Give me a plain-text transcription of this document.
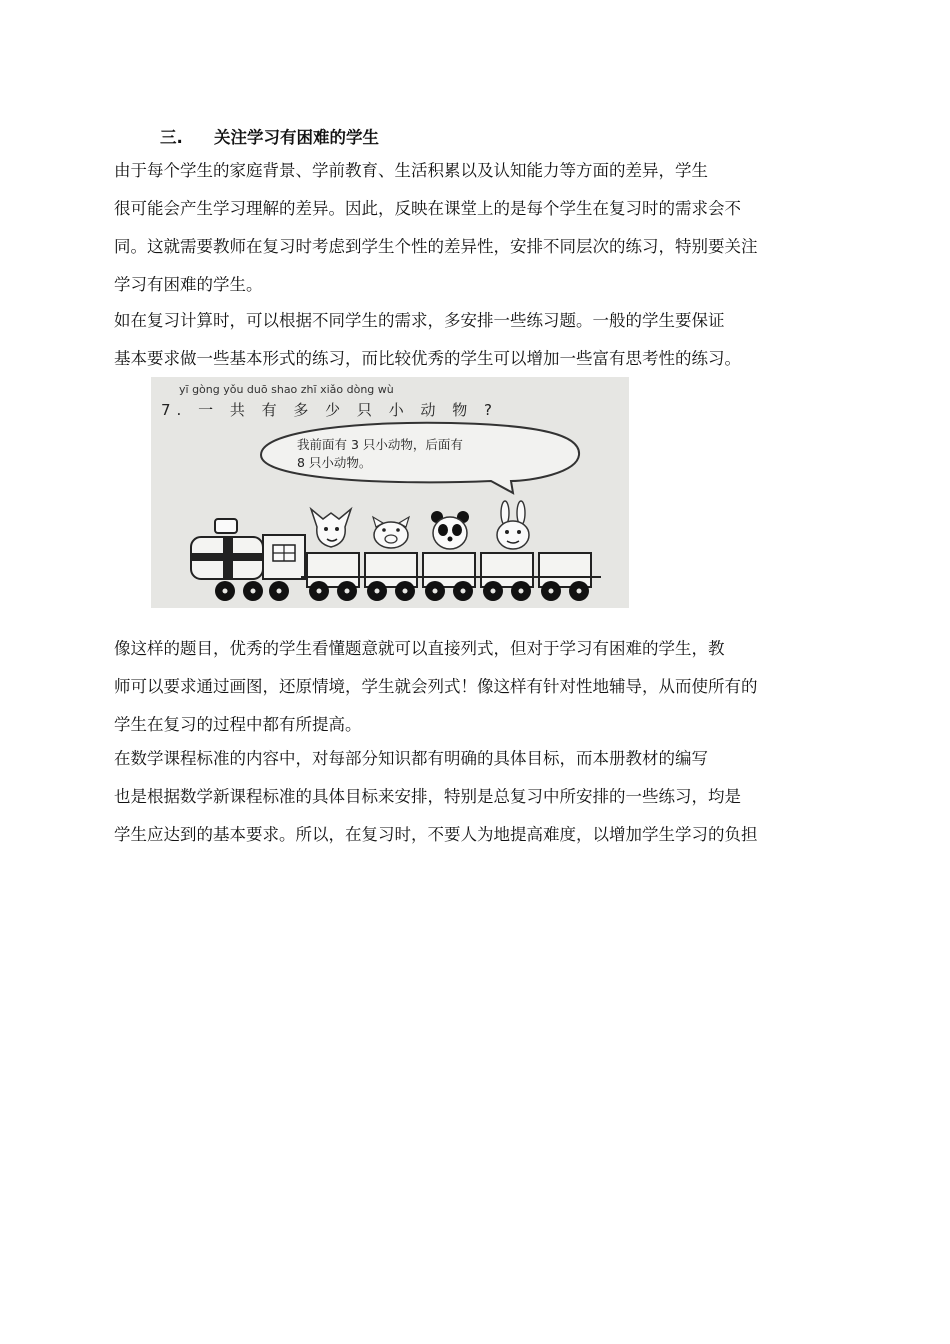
三. 关注学习有困难的学生
由于每个学生的家庭背景、学前教育、生活积累以及认知能力等方面的差异，学生
很可能会产生学习理解的差异。因此，反映在课堂上的是每个学生在复习时的需求会不
同。这就需要教师在复习时考虑到学生个性的差异性，安排不同层次的练习，特别要关注
学习有困难的学生。
如在复习计算时，可以根据不同学生的需求，多安排一些练习题。一般的学生要保证
基本要求做一些基本形式的练习，而比较优秀的学生可以增加一些富有思考性的练习。
yī gòng yǒu duō shao zhī xiǎo dòng wù
7. 一 共 有 多 少 只 小 动 物 ?
我前面有 3 只小动物，后面有
8 只小动物。
像这样的题目，优秀的学生看懂题意就可以直接列式，但对于学习有困难的学生，教
师可以要求通过画图，还原情境，学生就会列式！像这样有针对性地辅导，从而使所有的
学生在复习的过程中都有所提高。
在数学课程标准的内容中，对每部分知识都有明确的具体目标，而本册教材的编写
也是根据数学新课程标准的具体目标来安排，特别是总复习中所安排的一些练习，均是
学生应达到的基本要求。所以，在复习时，不要人为地提高难度，以增加学生学习的负担
